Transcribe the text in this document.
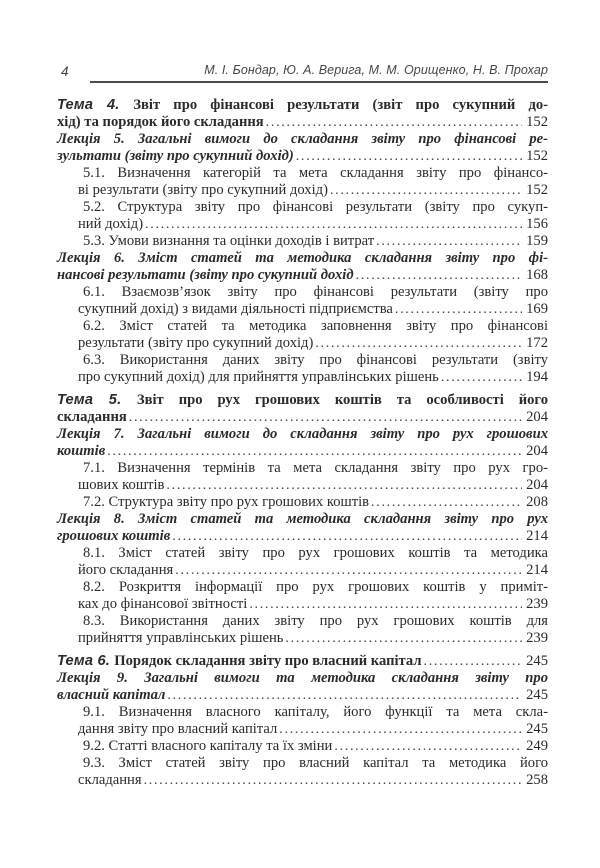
4	М. І. Бондар, Ю. А. Верига, М. М. Орищенко, Н. В. Прохар
Тема 4. Звіт про фінансові результати (звіт про сукупний до-
хід) та порядок його складання .....	152
Лекція 5. Загальні вимоги до складання звіту про фінансові ре-
зультати (звіту про сукупний дохід) .....	152
5.1. Визначення категорій та мета складання звіту про фінансо-
ві результати (звіту про сукупний дохід) .....	152
5.2. Структура звіту про фінансові результати (звіту про сукуп-
ний дохід) .....	156
5.3. Умови визнання та оцінки доходів і витрат .....	159
Лекція 6. Зміст статей та методика складання звіту про фі-
нансові результати (звіту про сукупний дохід .....	168
6.1. Взаємозв’язок звіту про фінансові результати (звіту про
сукупний дохід) з видами діяльності підприємства .....	169
6.2. Зміст статей та методика заповнення звіту про фінансові
результати (звіту про сукупний дохід) .....	172
6.3. Використання даних звіту про фінансові результати (звіту
про сукупний дохід) для прийняття управлінських рішень .....	194
Тема 5. Звіт про рух грошових коштів та особливості його
складання .....	204
Лекція 7. Загальні вимоги до складання звіту про рух грошових
коштів .....	204
7.1. Визначення термінів та мета складання звіту про рух гро-
шових коштів .....	204
7.2. Структура звіту про рух грошових коштів .....	208
Лекція 8. Зміст статей та методика складання звіту про рух
грошових коштів .....	214
8.1. Зміст статей звіту про рух грошових коштів та методика
його складання .....	214
8.2. Розкриття інформації про рух грошових коштів у приміт-
ках до фінансової звітності .....	239
8.3. Використання даних звіту про рух грошових коштів для
прийняття управлінських рішень .....	239
Тема 6. Порядок складання звіту про власний капітал .....	245
Лекція 9. Загальні вимоги та методика складання звіту про
власний капітал .....	245
9.1. Визначення власного капіталу, його функції та мета скла-
дання звіту про власний капітал .....	245
9.2. Статті власного капіталу та їх зміни .....	249
9.3. Зміст статей звіту про власний капітал та методика його
складання .....	258
